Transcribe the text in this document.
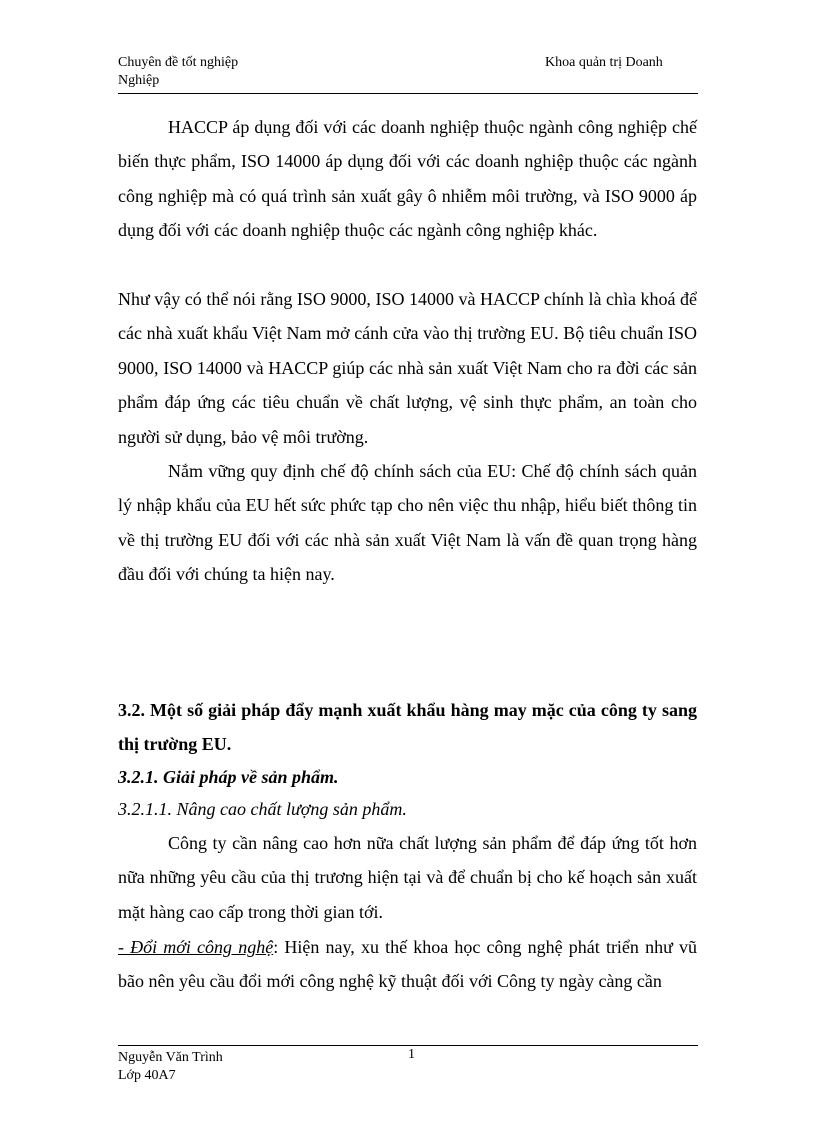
Chuyên đề tốt nghiệp
Nghiệp
Khoa quản trị Doanh
HACCP áp dụng đối với các doanh nghiệp thuộc ngành công nghiệp chế biến thực phẩm, ISO 14000 áp dụng đối với các doanh nghiệp thuộc các ngành công nghiệp mà có quá trình sản xuất gây ô nhiễm môi trường, và ISO 9000 áp dụng đối với các doanh nghiệp thuộc các ngành công nghiệp khác.
Như vậy có thể nói rằng ISO 9000, ISO 14000 và HACCP chính là chìa khoá để các nhà xuất khẩu Việt Nam mở cánh cửa vào thị trường EU. Bộ tiêu chuẩn ISO 9000, ISO 14000 và HACCP giúp các nhà sản xuất Việt Nam cho ra đời các sản phẩm đáp ứng các tiêu chuẩn về chất lượng, vệ sinh thực phẩm, an toàn cho người sử dụng, bảo vệ môi trường.
Nắm vững quy định chế độ chính sách của EU: Chế độ chính sách quản lý nhập khẩu của EU hết sức phức tạp cho nên việc thu nhập, hiểu biết thông tin về thị trường EU đối với các nhà sản xuất Việt Nam là vấn đề quan trọng hàng đầu đối với chúng ta hiện nay.
3.2. Một số giải pháp đẩy mạnh xuất khẩu hàng may mặc của công ty sang thị trường EU.
3.2.1. Giải pháp về sản phẩm.
3.2.1.1. Nâng cao chất lượng sản phẩm.
Công ty cần nâng cao hơn nữa chất lượng sản phẩm để đáp ứng tốt hơn nữa những yêu cầu của thị trương hiện tại và để chuẩn bị cho kế hoạch sản xuất mặt hàng cao cấp trong thời gian tới.
- Đổi mới công nghệ: Hiện nay, xu thế khoa học công nghệ phát triển như vũ bão nên yêu cầu đổi mới công nghệ kỹ thuật đối với Công ty ngày càng cần
Nguyễn Văn Trình
Lớp 40A7
1
